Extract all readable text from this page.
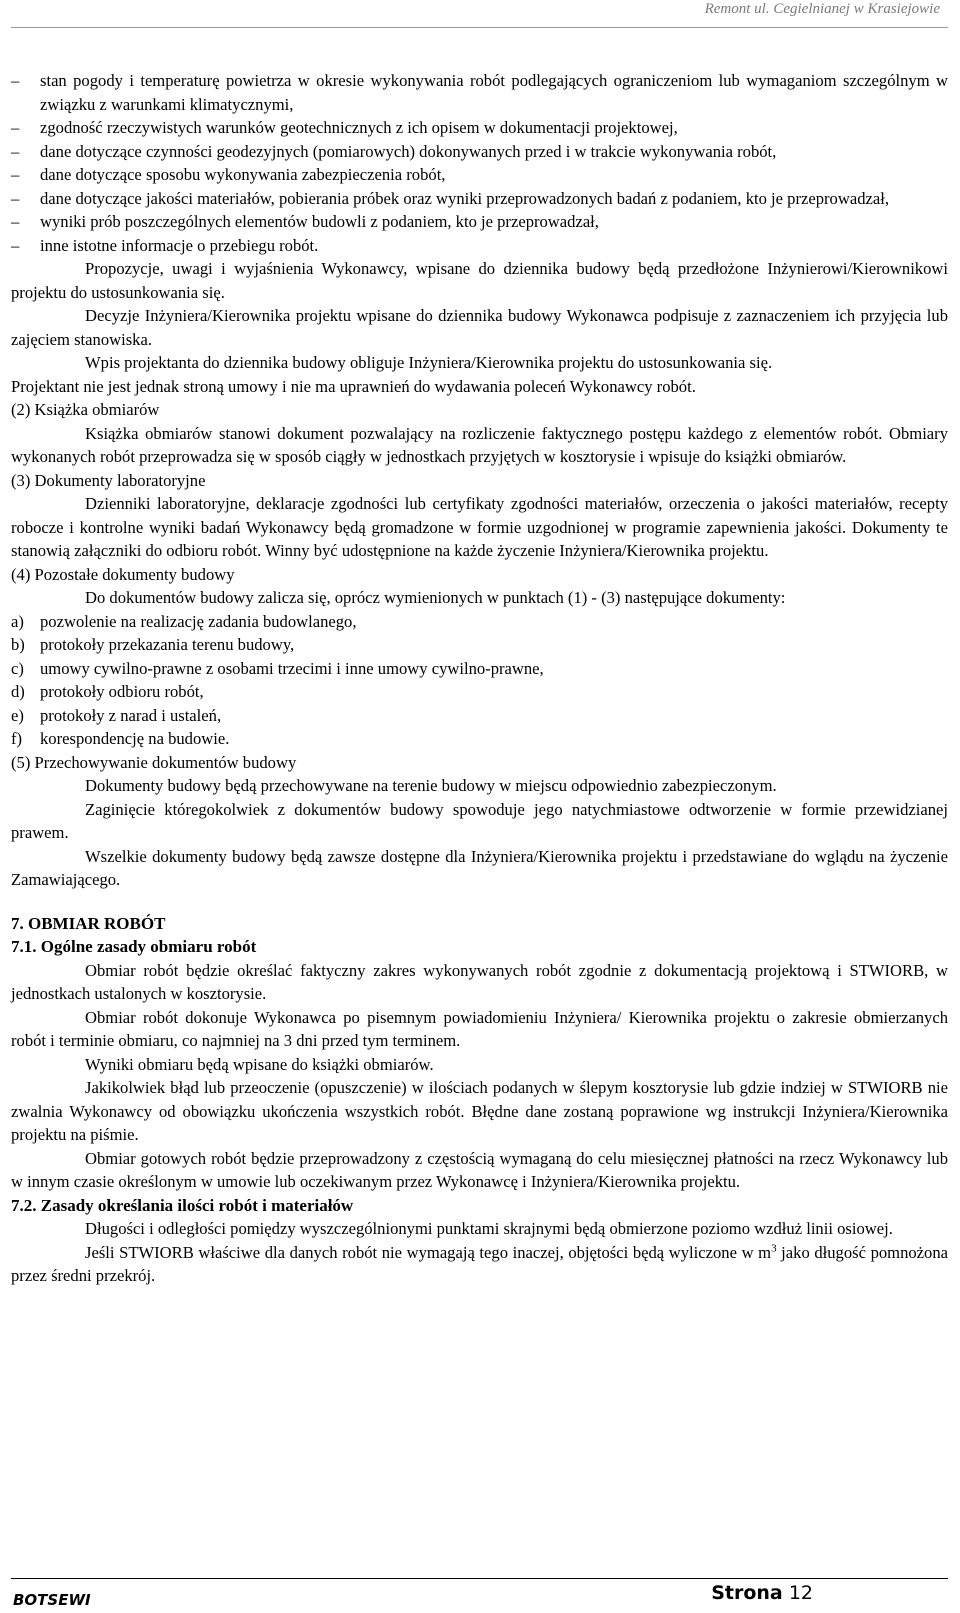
Remont ul. Cegielnianej w Krasiejowie
– stan pogody i temperaturę powietrza w okresie wykonywania robót podlegających ograniczeniom lub wymaganiom szczególnym w związku z warunkami klimatycznymi,
– zgodność rzeczywistych warunków geotechnicznych z ich opisem w dokumentacji projektowej,
– dane dotyczące czynności geodezyjnych (pomiarowych) dokonywanych przed i w trakcie wykonywania robót,
– dane dotyczące sposobu wykonywania zabezpieczenia robót,
– dane dotyczące jakości materiałów, pobierania próbek oraz wyniki przeprowadzonych badań z podaniem, kto je przeprowadzał,
– wyniki prób poszczególnych elementów budowli z podaniem, kto je przeprowadzał,
– inne istotne informacje o przebiegu robót.

Propozycje, uwagi i wyjaśnienia Wykonawcy, wpisane do dziennika budowy będą przedłożone Inżynierowi/Kierownikowi projektu do ustosunkowania się.

Decyzje Inżyniera/Kierownika projektu wpisane do dziennika budowy Wykonawca podpisuje z zaznaczeniem ich przyjęcia lub zajęciem stanowiska.

Wpis projektanta do dziennika budowy obliguje Inżyniera/Kierownika projektu do ustosunkowania się.

Projektant nie jest jednak stroną umowy i nie ma uprawnień do wydawania poleceń Wykonawcy robót.

(2) Książka obmiarów

Książka obmiarów stanowi dokument pozwalający na rozliczenie faktycznego postępu każdego z elementów robót. Obmiary wykonanych robót przeprowadza się w sposób ciągły w jednostkach przyjętych w kosztorysie i wpisuje do książki obmiarów.

(3) Dokumenty laboratoryjne

Dzienniki laboratoryjne, deklaracje zgodności lub certyfikaty zgodności materiałów, orzeczenia o jakości materiałów, recepty robocze i kontrolne wyniki badań Wykonawcy będą gromadzone w formie uzgodnionej w programie zapewnienia jakości. Dokumenty te stanowią załączniki do odbioru robót. Winny być udostępnione na każde życzenie Inżyniera/Kierownika projektu.

(4) Pozostałe dokumenty budowy

Do dokumentów budowy zalicza się, oprócz wymienionych w punktach (1) - (3) następujące dokumenty:

a) pozwolenie na realizację zadania budowlanego,
b) protokoły przekazania terenu budowy,
c) umowy cywilno-prawne z osobami trzecimi i inne umowy cywilno-prawne,
d) protokoły odbioru robót,
e) protokoły z narad i ustaleń,
f) korespondencję na budowie.

(5) Przechowywanie dokumentów budowy

Dokumenty budowy będą przechowywane na terenie budowy w miejscu odpowiednio zabezpieczonym.

Zaginięcie któregokolwiek z dokumentów budowy spowoduje jego natychmiastowe odtworzenie w formie przewidzianej prawem.

Wszelkie dokumenty budowy będą zawsze dostępne dla Inżyniera/Kierownika projektu i przedstawiane do wglądu na życzenie Zamawiającego.

7. OBMIAR ROBÓT
7.1. Ogólne zasady obmiaru robót

Obmiar robót będzie określać faktyczny zakres wykonywanych robót zgodnie z dokumentacją projektową i STWIORB, w jednostkach ustalonych w kosztorysie.

Obmiar robót dokonuje Wykonawca po pisemnym powiadomieniu Inżyniera/ Kierownika projektu o zakresie obmierzanych robót i terminie obmiaru, co najmniej na 3 dni przed tym terminem.

Wyniki obmiaru będą wpisane do książki obmiarów.

Jakikolwiek błąd lub przeoczenie (opuszczenie) w ilościach podanych w ślepym kosztorysie lub gdzie indziej w STWIORB nie zwalnia Wykonawcy od obowiązku ukończenia wszystkich robót. Błędne dane zostaną poprawione wg instrukcji Inżyniera/Kierownika projektu na piśmie.

Obmiar gotowych robót będzie przeprowadzony z częstością wymaganą do celu miesięcznej płatności na rzecz Wykonawcy lub w innym czasie określonym w umowie lub oczekiwanym przez Wykonawcę i Inżyniera/Kierownika projektu.

7.2. Zasady określania ilości robót i materiałów

Długości i odległości pomiędzy wyszczególnionymi punktami skrajnymi będą obmierzone poziomo wzdłuż linii osiowej.

Jeśli STWIORB właściwe dla danych robót nie wymagają tego inaczej, objętości będą wyliczone w $m^3$ jako długość pomnożona przez średni przekrój.

BOTSEWI	Strona 12
